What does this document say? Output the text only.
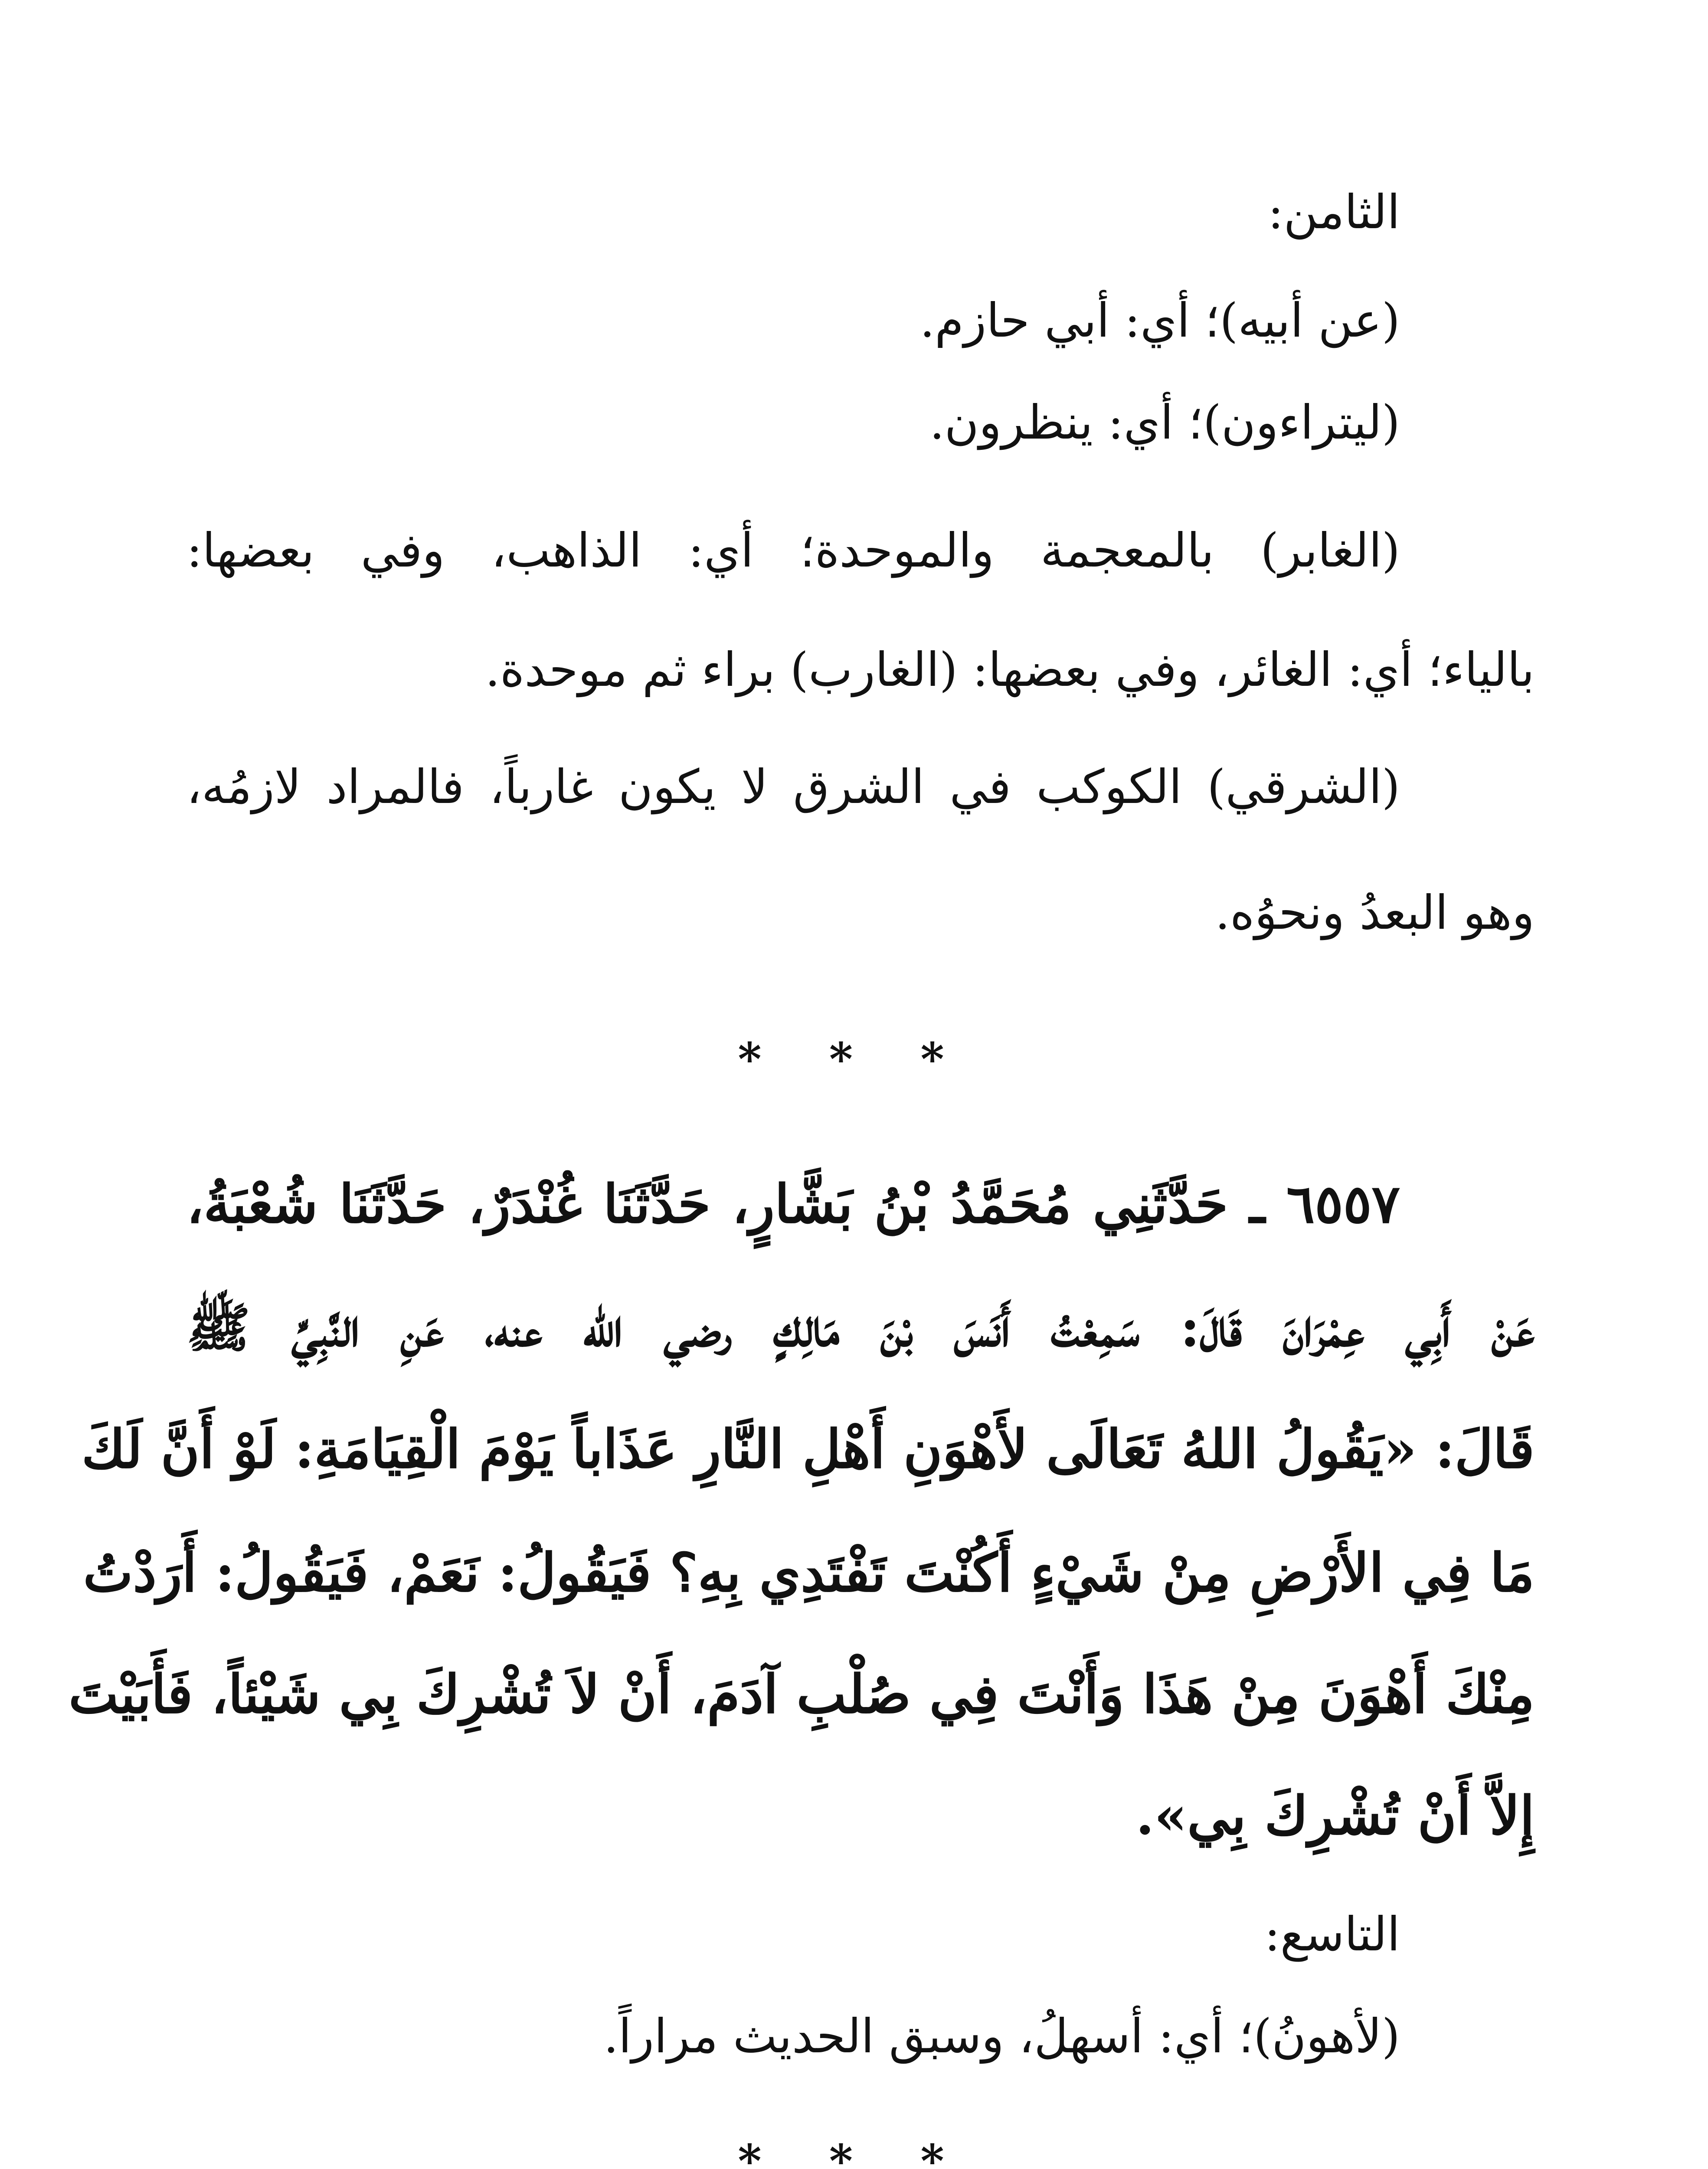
الثامن:

(عن أبيه)؛ أي: أبي حازم.

(ليتراءون)؛ أي: ينظرون.

(الغابر) بالمعجمة والموحدة؛ أي: الذاهب، وفي بعضها:

بالياء؛ أي: الغائر، وفي بعضها: (الغارب) براء ثم موحدة.

(الشرقي) الكوكب في الشرق لا يكون غارباً، فالمراد لازمُه،

وهو البعدُ ونحوُه.

* * *

٦٥٥٧ ـ حَدَّثَنِي مُحَمَّدُ بْنُ بَشَّارٍ، حَدَّثَنَا غُنْدَرٌ، حَدَّثَنَا شُعْبَةُ،

عَنْ أَبِي عِمْرَانَ قَالَ: سَمِعْتُ أَنَسَ بْنَ مَالِكٍ رضي الله عنه، عَنِ النَّبِيِّ ﷺ

قَالَ: «يَقُولُ اللهُ تَعَالَى لأَهْوَنِ أَهْلِ النَّارِ عَذَاباً يَوْمَ الْقِيَامَةِ: لَوْ أَنَّ لَكَ

مَا فِي الأَرْضِ مِنْ شَيْءٍ أَكُنْتَ تَفْتَدِي بِهِ؟ فَيَقُولُ: نَعَمْ، فَيَقُولُ: أَرَدْتُ

مِنْكَ أَهْوَنَ مِنْ هَذَا وَأَنْتَ فِي صُلْبِ آدَمَ، أَنْ لاَ تُشْرِكَ بِي شَيْئاً، فَأَبَيْتَ

إِلاَّ أَنْ تُشْرِكَ بِي».

التاسع:

(لأهونُ)؛ أي: أسهلُ، وسبق الحديث مراراً.

* * *
